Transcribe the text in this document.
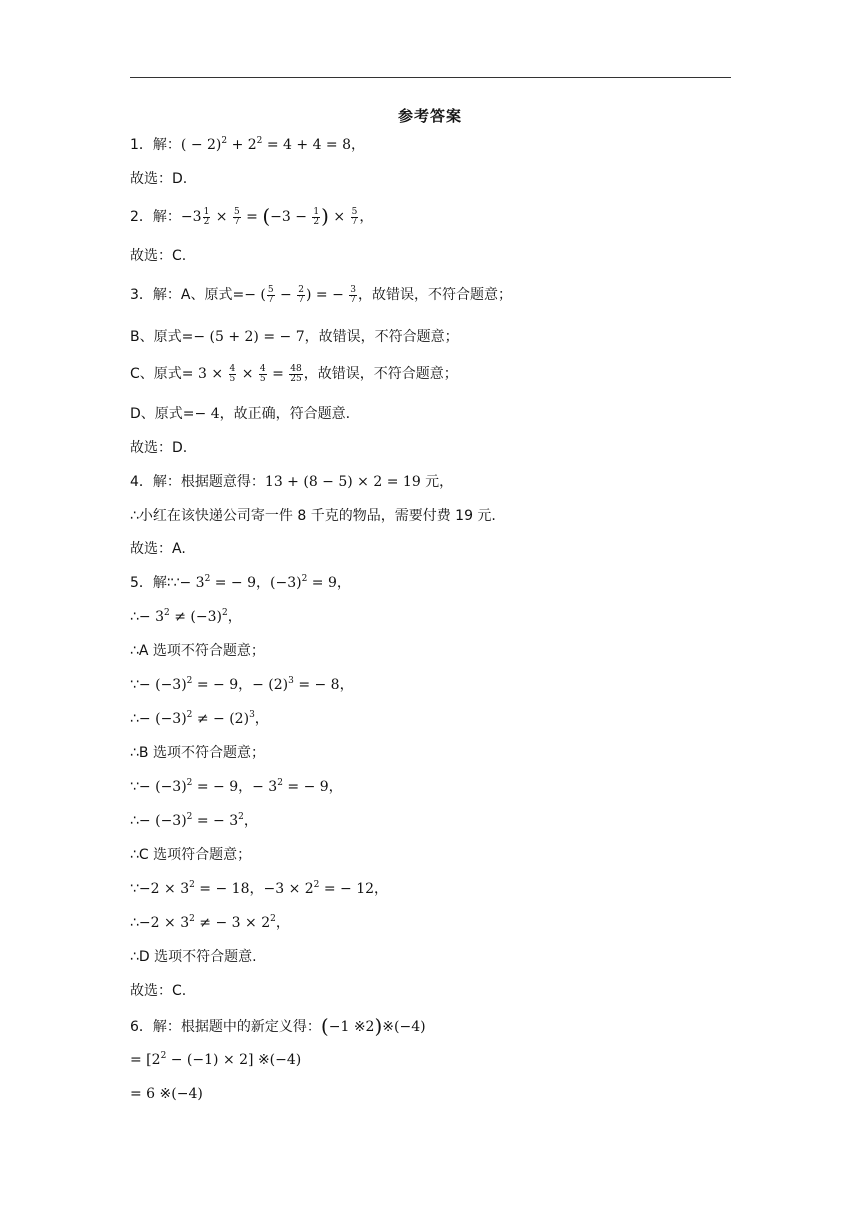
参考答案
1．解：( − $2)^2 + 2^2 = 4 + 4 = 8$，
故选：D.
2．解：$-3 \frac{1}{2} \times \frac{5}{7} = (-3 - \frac{1}{2}$ ) × $\frac{5}{7}$ ，
故选：C.
3．解：A、原式=− ( $\frac{5}{7} - \frac{2}{7}$ ) = − $\frac{3}{7}$ ，故错误，不符合题意；
B、原式=− (5 + 2) = − 7，故错误，不符合题意；
C、原式= $3 \times \frac{4}{5} \times \frac{4}{5} = \frac{48}{25}$ ，故错误，不符合题意；
D、原式=− 4，故正确，符合题意.
故选：D.
4．解：根据题意得：13 + (8 − 5) × 2 = 19 元，
∴小红在该快递公司寄一件 8 千克的物品，需要付费 19 元.
故选：A.
5．解∶∵− $3^2$ = − 9，$(-3)^2 = 9$，
∴− $3^2 \ne (-3)^2$，
∴A 选项不符合题意；
∵− $(-3)^2$ = − 9，− $(2)^3$ = − 8，
∴− $(-3)^2$ ≠ − $(2)^3$，
∴B 选项不符合题意；
∵− $(-3)^2$ = − 9，− $3^2$ = − 9，
∴− $(-3)^2$ = − $3^2$，
∴C 选项符合题意；
∵−2 × $3^2$ = − 18，$-3 \times 2^2$ = − 12，
∴−2 × $3^2$ ≠ − $3 \times 2^2$，
∴D 选项不符合题意.
故选：C.
6．解：根据题中的新定义得：(−1 ※2)※(−4)
= $[2^2 - (-1) \times 2]$ ※(−4)
= 6 ※(−4)
